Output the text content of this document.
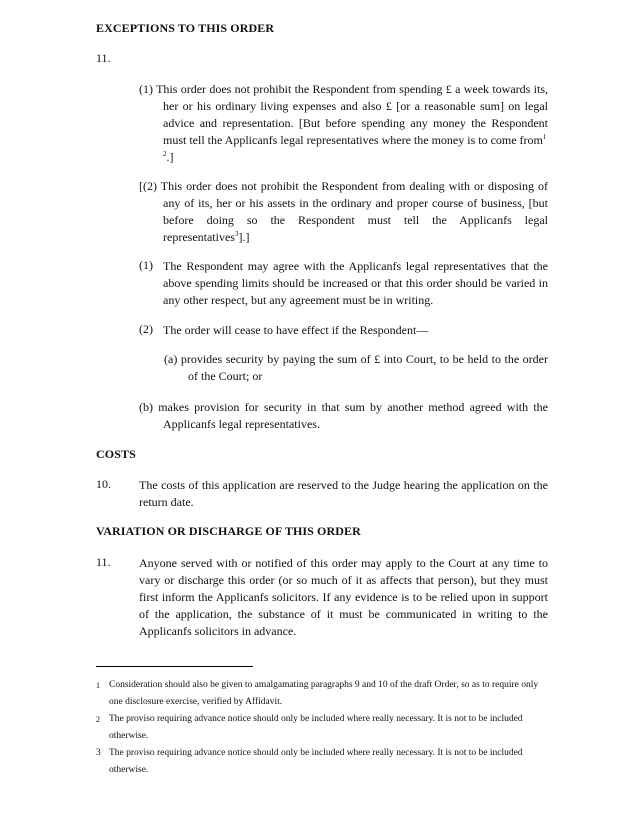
EXCEPTIONS TO THIS ORDER
11.
(1) This order does not prohibit the Respondent from spending £ a week towards its, her or his ordinary living expenses and also £ [or a reasonable sum] on legal advice and representation. [But before spending any money the Respondent must tell the Applicanfs legal representatives where the money is to come from$^1$
$^2$.]
[(2) This order does not prohibit the Respondent from dealing with or disposing of any of its, her or his assets in the ordinary and proper course of business, [but before doing so the Respondent must tell the Applicanfs legal representatives$^3$].]
(1) The Respondent may agree with the Applicanfs legal representatives that the above spending limits should be increased or that this order should be varied in any other respect, but any agreement must be in writing.
(2) The order will cease to have effect if the Respondent—
(a) provides security by paying the sum of £ into Court, to be held to the order of the Court; or
(b) makes provision for security in that sum by another method agreed with the Applicanfs legal representatives.
COSTS
10. The costs of this application are reserved to the Judge hearing the application on the return date.
VARIATION OR DISCHARGE OF THIS ORDER
11. Anyone served with or notified of this order may apply to the Court at any time to vary or discharge this order (or so much of it as affects that person), but they must first inform the Applicanfs solicitors. If any evidence is to be relied upon in support of the application, the substance of it must be communicated in writing to the Applicanfs solicitors in advance.
1 Consideration should also be given to amalgamating paragraphs 9 and 10 of the draft Order, so as to require only one disclosure exercise, verified by Affidavit.
2 The proviso requiring advance notice should only be included where really necessary. It is not to be included otherwise.
3 The proviso requiring advance notice should only be included where really necessary. It is not to be included otherwise.
